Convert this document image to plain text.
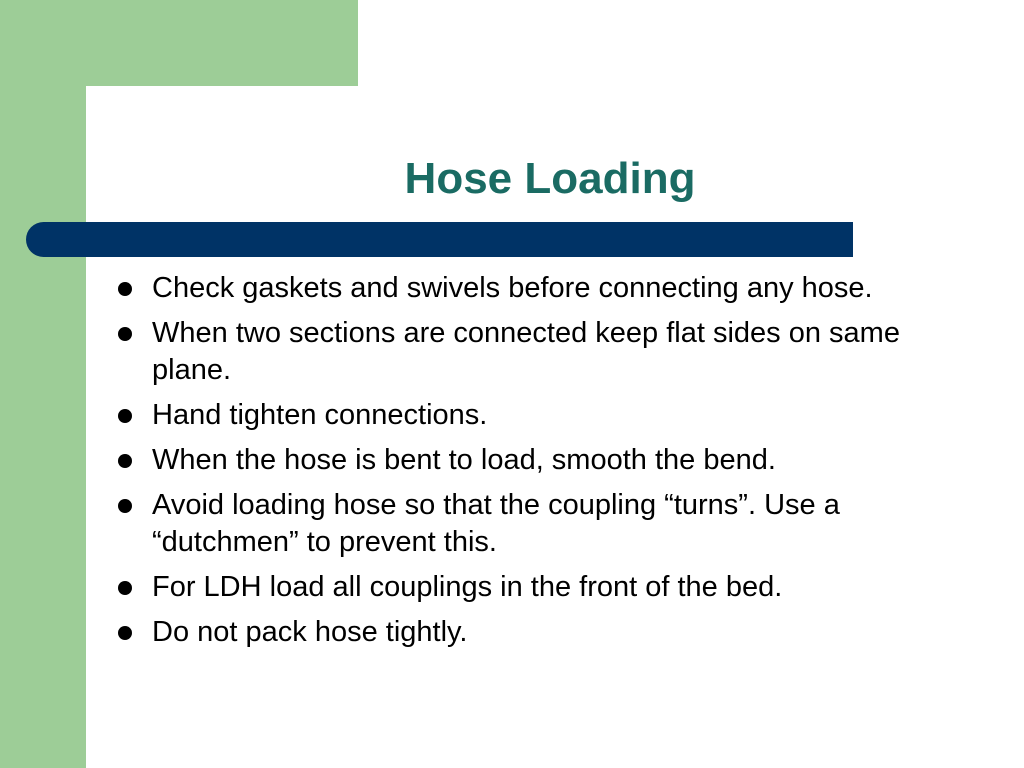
Hose Loading
Check gaskets and swivels before connecting any hose.
When two sections are connected keep flat sides on same plane.
Hand tighten connections.
When the hose is bent to load, smooth the bend.
Avoid loading hose so that the coupling “turns”. Use a “dutchmen” to prevent this.
For LDH load all couplings in the front of the bed.
Do not pack hose tightly.
